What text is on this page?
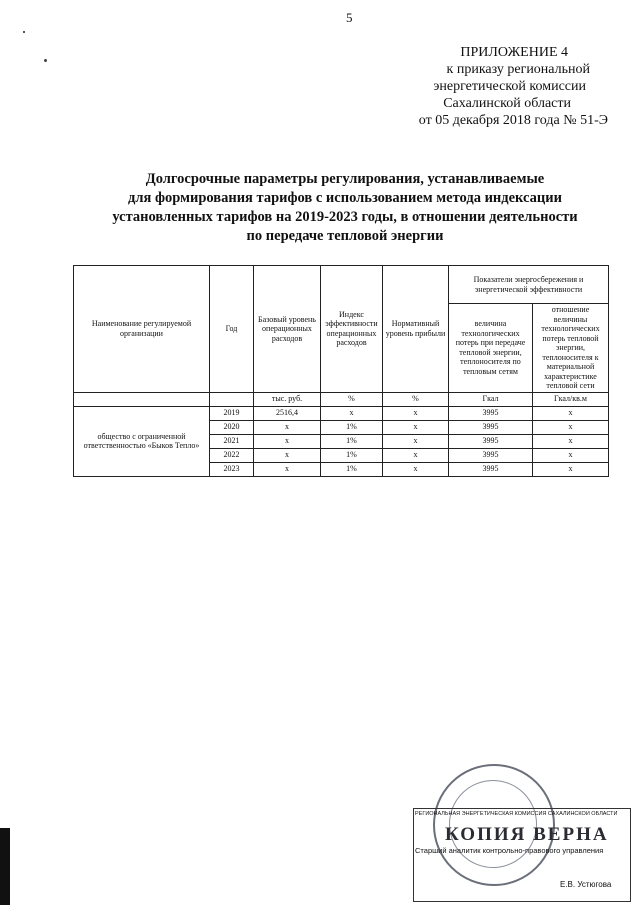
5
ПРИЛОЖЕНИЕ 4
к приказу региональной
энергетической комиссии
Сахалинской области
от 05 декабря 2018 года № 51-Э
Долгосрочные параметры регулирования, устанавливаемые
для формирования тарифов с использованием метода индексации
установленных тарифов на 2019-2023 годы, в отношении деятельности
по передаче тепловой энергии
Наименование регулируемой организации	Год	Базовый уровень операционных расходов	Индекс эффективности операционных расходов	Нормативный уровень прибыли	Показатели энергосбережения и энергетической эффективности	
					величина технологических потерь при передаче тепловой энергии, теплоносителя по тепловым сетям	отношение величины технологических потерь тепловой энергии, теплоносителя к материальной характеристике тепловой сети
		тыс. руб.	%	%	Гкал	Гкал/кв.м
общество с ограниченной ответственностью «Быков Тепло»	2019	2516,4	х	х	3995	х
	2020	х	1%	х	3995	х
	2021	х	1%	х	3995	х
	2022	х	1%	х	3995	х
	2023	х	1%	х	3995	х
РЕГИОНАЛЬНАЯ ЭНЕРГЕТИЧЕСКАЯ КОМИССИЯ САХАЛИНСКОЙ ОБЛАСТИ
КОПИЯ ВЕРНА
Старший аналитик контрольно-правового управления
Е.В. Устюгова
